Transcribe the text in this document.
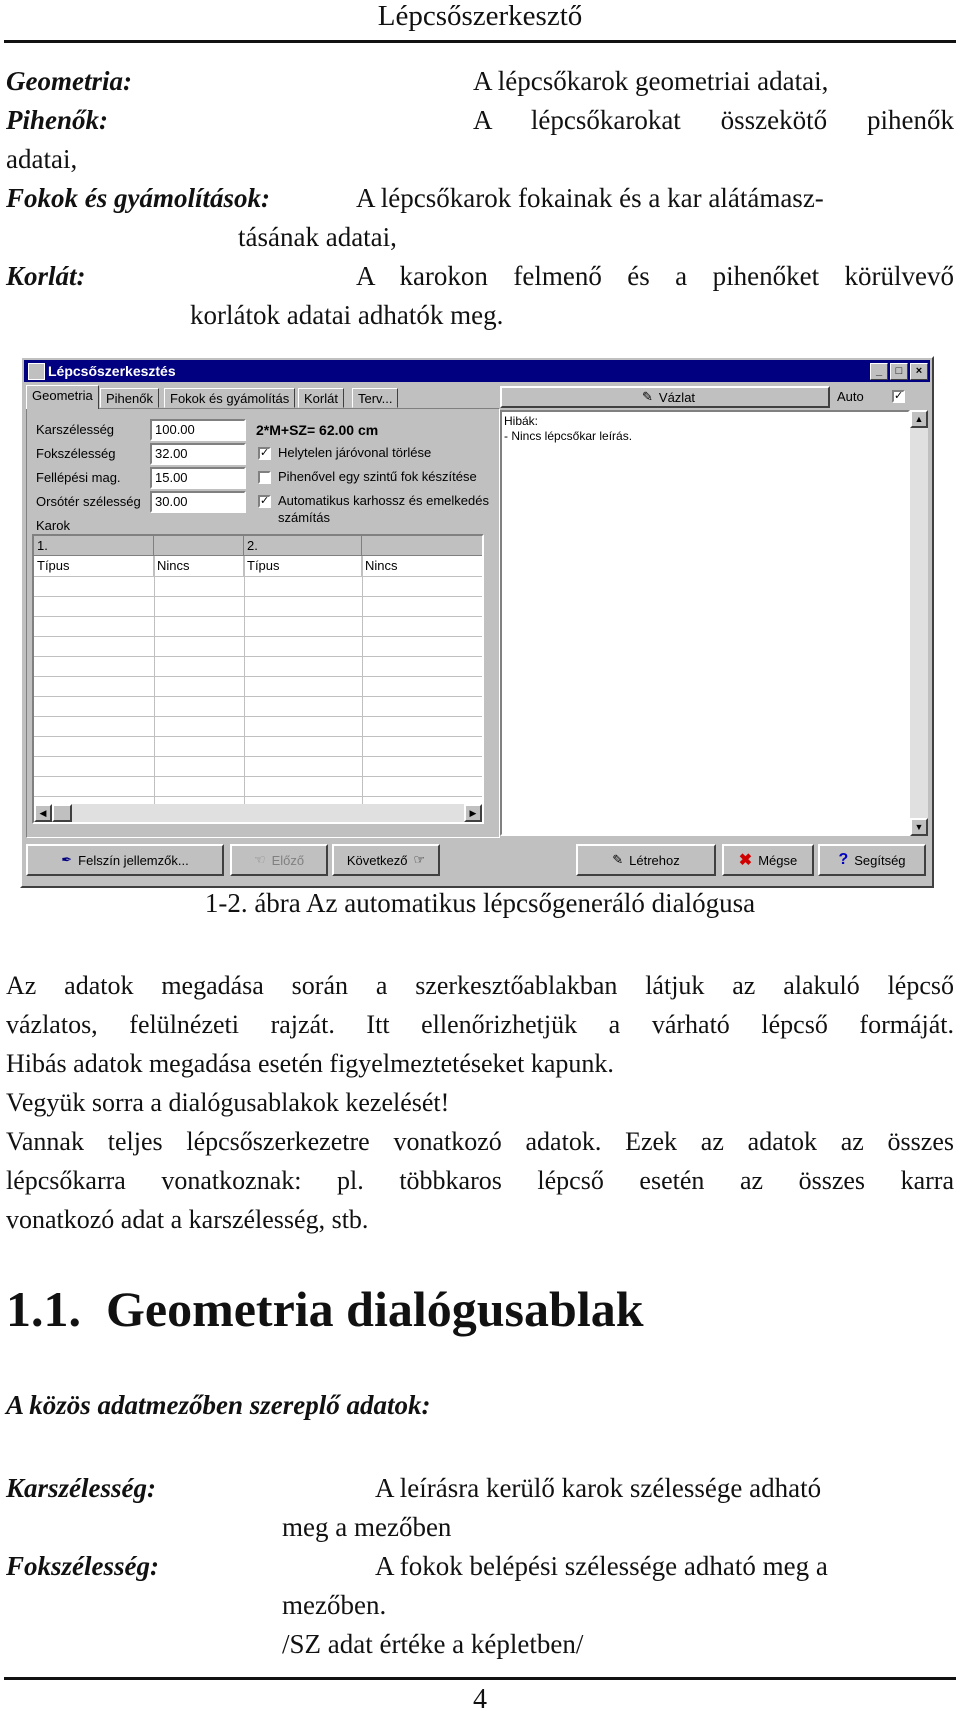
Lépcsőszerkesztő
Geometria:	A lépcsőkarok geometriai adatai,
Pihenők:	A lépcsőkarokat összekötő pihenők
adatai,
Fokok és gyámolítások:	A lépcsőkarok fokainak és a kar alátámasz-
tásának adatai,
Korlát:	A karokon felmenő és a pihenőket körülvevő
korlátok adatai adhatók meg.
Lépcsőszerkesztés	_	□	×
Geometria	Pihenők	Fokok és gyámolítás	Korlát	Terv...
Karszélesség	100.00
Fokszélesség	32.00
Fellépési mag.	15.00
Orsótér szélesség	30.00
2*M+SZ= 62.00 cm
✓ Helytelen járóvonal törlése
Pihenővel egy szintű fok készítése
✓ Automatikus karhossz és emelkedés
számítás
Karok
1.	2.
Típus	Nincs	Típus	Nincs
◀	▶
✎ Vázlat	Auto	✓
Hibák:
- Nincs lépcsőkar leírás.
▲
▼
✒ Felszín jellemzők...	☜ Előző	Következő ☞	✎ Létrehoz	✖ Mégse	? Segítség
1-2. ábra Az automatikus lépcsőgeneráló dialógusa
Az adatok megadása során a szerkesztőablakban látjuk az alakuló lépcső
vázlatos, felülnézeti rajzát. Itt ellenőrizhetjük a várható lépcső formáját.
Hibás adatok megadása esetén figyelmeztetéseket kapunk.
Vegyük sorra a dialógusablakok kezelését!
Vannak teljes lépcsőszerkezetre vonatkozó adatok. Ezek az adatok az összes
lépcsőkarra vonatkoznak: pl. többkaros lépcső esetén az összes karra
vonatkozó adat a karszélesség, stb.
1.1.  Geometria dialógusablak
A közös adatmezőben szereplő adatok:
Karszélesség:	A leírásra kerülő karok szélessége adható
meg a mezőben
Fokszélesség:	A fokok belépési szélessége adható meg a
mezőben.
/SZ adat értéke a képletben/
4
